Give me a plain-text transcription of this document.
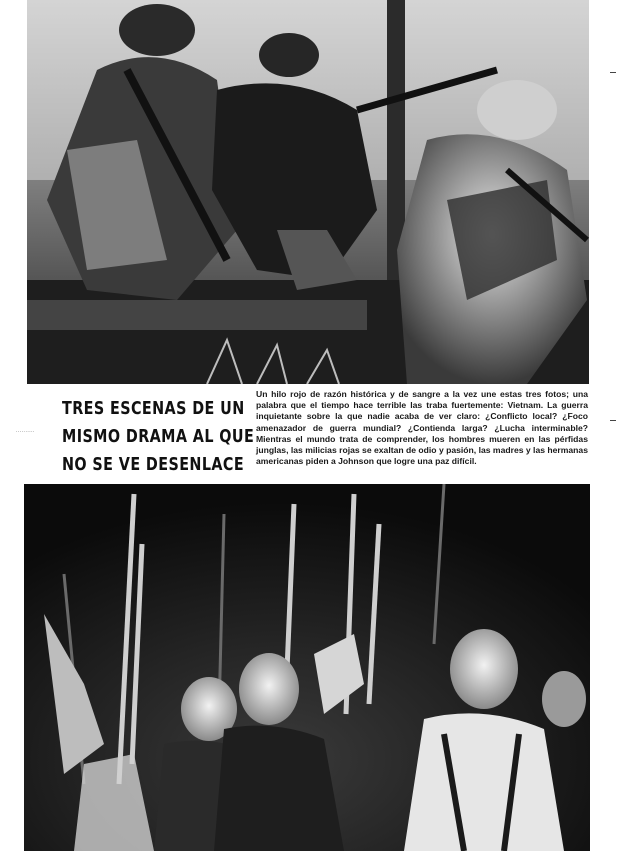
..........
TRES ESCENAS DE UN
MISMO DRAMA AL QUE
NO SE VE DESENLACE
Un hilo rojo de razón histórica y de sangre a la vez une estas tres fotos; una palabra que el tiempo hace terrible las traba fuertemente: Vietnam. La guerra inquietante sobre la que nadie acaba de ver claro: ¿Conflicto local? ¿Foco amenazador de guerra mundial? ¿Contienda larga? ¿Lucha interminable? Mientras el mundo trata de comprender, los hombres mueren en las pérfidas junglas, las milicias rojas se exaltan de odio y pasión, las madres y las hermanas americanas piden a Johnson que logre una paz difícil.
